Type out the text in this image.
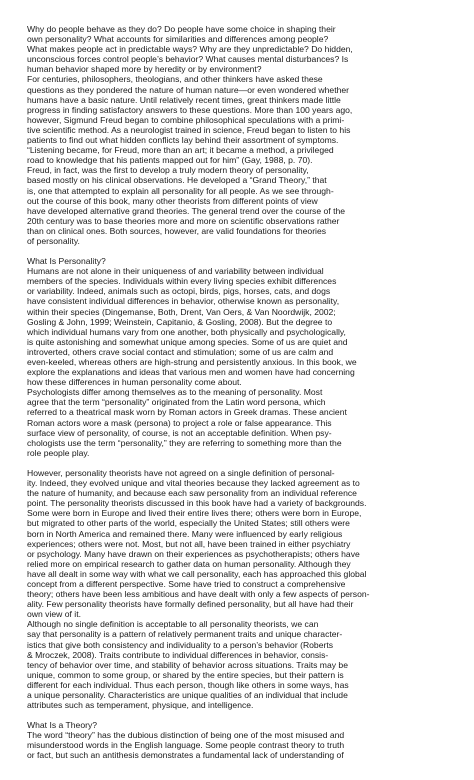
Why do people behave as they do? Do people have some choice in shaping their
own personality? What accounts for similarities and differences among people?
What makes people act in predictable ways? Why are they unpredictable? Do hidden,
unconscious forces control people’s behavior? What causes mental disturbances? Is
human behavior shaped more by heredity or by environment?
For centuries, philosophers, theologians, and other thinkers have asked these
questions as they pondered the nature of human nature—or even wondered whether
humans have a basic nature. Until relatively recent times, great thinkers made little
progress in finding satisfactory answers to these questions. More than 100 years ago,
however, Sigmund Freud began to combine philosophical speculations with a primi-
tive scientific method. As a neurologist trained in science, Freud began to listen to his
patients to find out what hidden conflicts lay behind their assortment of symptoms.
“Listening became, for Freud, more than an art; it became a method, a privileged
road to knowledge that his patients mapped out for him” (Gay, 1988, p. 70).
Freud, in fact, was the first to develop a truly modern theory of personality,
based mostly on his clinical observations. He developed a “Grand Theory,” that
is, one that attempted to explain all personality for all people. As we see through-
out the course of this book, many other theorists from different points of view
have developed alternative grand theories. The general trend over the course of the
20th century was to base theories more and more on scientific observations rather
than on clinical ones. Both sources, however, are valid foundations for theories
of personality.
What Is Personality?
Humans are not alone in their uniqueness of and variability between individual
members of the species. Individuals within every living species exhibit differences
or variability. Indeed, animals such as octopi, birds, pigs, horses, cats, and dogs
have consistent individual differences in behavior, otherwise known as personality,
within their species (Dingemanse, Both, Drent, Van Oers, & Van Noordwijk, 2002;
Gosling & John, 1999; Weinstein, Capitanio, & Gosling, 2008). But the degree to
which individual humans vary from one another, both physically and psychologically,
is quite astonishing and somewhat unique among species. Some of us are quiet and
introverted, others crave social contact and stimulation; some of us are calm and
even-keeled, whereas others are high-strung and persistently anxious. In this book, we
explore the explanations and ideas that various men and women have had concerning
how these differences in human personality come about.
Psychologists differ among themselves as to the meaning of personality. Most
agree that the term “personality” originated from the Latin word persona, which
referred to a theatrical mask worn by Roman actors in Greek dramas. These ancient
Roman actors wore a mask (persona) to project a role or false appearance. This
surface view of personality, of course, is not an acceptable definition. When psy-
chologists use the term “personality,” they are referring to something more than the
role people play.
However, personality theorists have not agreed on a single definition of personal-
ity. Indeed, they evolved unique and vital theories because they lacked agreement as to
the nature of humanity, and because each saw personality from an individual reference
point. The personality theorists discussed in this book have had a variety of backgrounds.
Some were born in Europe and lived their entire lives there; others were born in Europe,
but migrated to other parts of the world, especially the United States; still others were
born in North America and remained there. Many were influenced by early religious
experiences; others were not. Most, but not all, have been trained in either psychiatry
or psychology. Many have drawn on their experiences as psychotherapists; others have
relied more on empirical research to gather data on human personality. Although they
have all dealt in some way with what we call personality, each has approached this global
concept from a different perspective. Some have tried to construct a comprehensive
theory; others have been less ambitious and have dealt with only a few aspects of person-
ality. Few personality theorists have formally defined personality, but all have had their
own view of it.
Although no single definition is acceptable to all personality theorists, we can
say that personality is a pattern of relatively permanent traits and unique character-
istics that give both consistency and individuality to a person’s behavior (Roberts
& Mroczek, 2008). Traits contribute to individual differences in behavior, consis-
tency of behavior over time, and stability of behavior across situations. Traits may be
unique, common to some group, or shared by the entire species, but their pattern is
different for each individual. Thus each person, though like others in some ways, has
a unique personality. Characteristics are unique qualities of an individual that include
attributes such as temperament, physique, and intelligence.
What Is a Theory?
The word “theory” has the dubious distinction of being one of the most misused and
misunderstood words in the English language. Some people contrast theory to truth
or fact, but such an antithesis demonstrates a fundamental lack of understanding of
